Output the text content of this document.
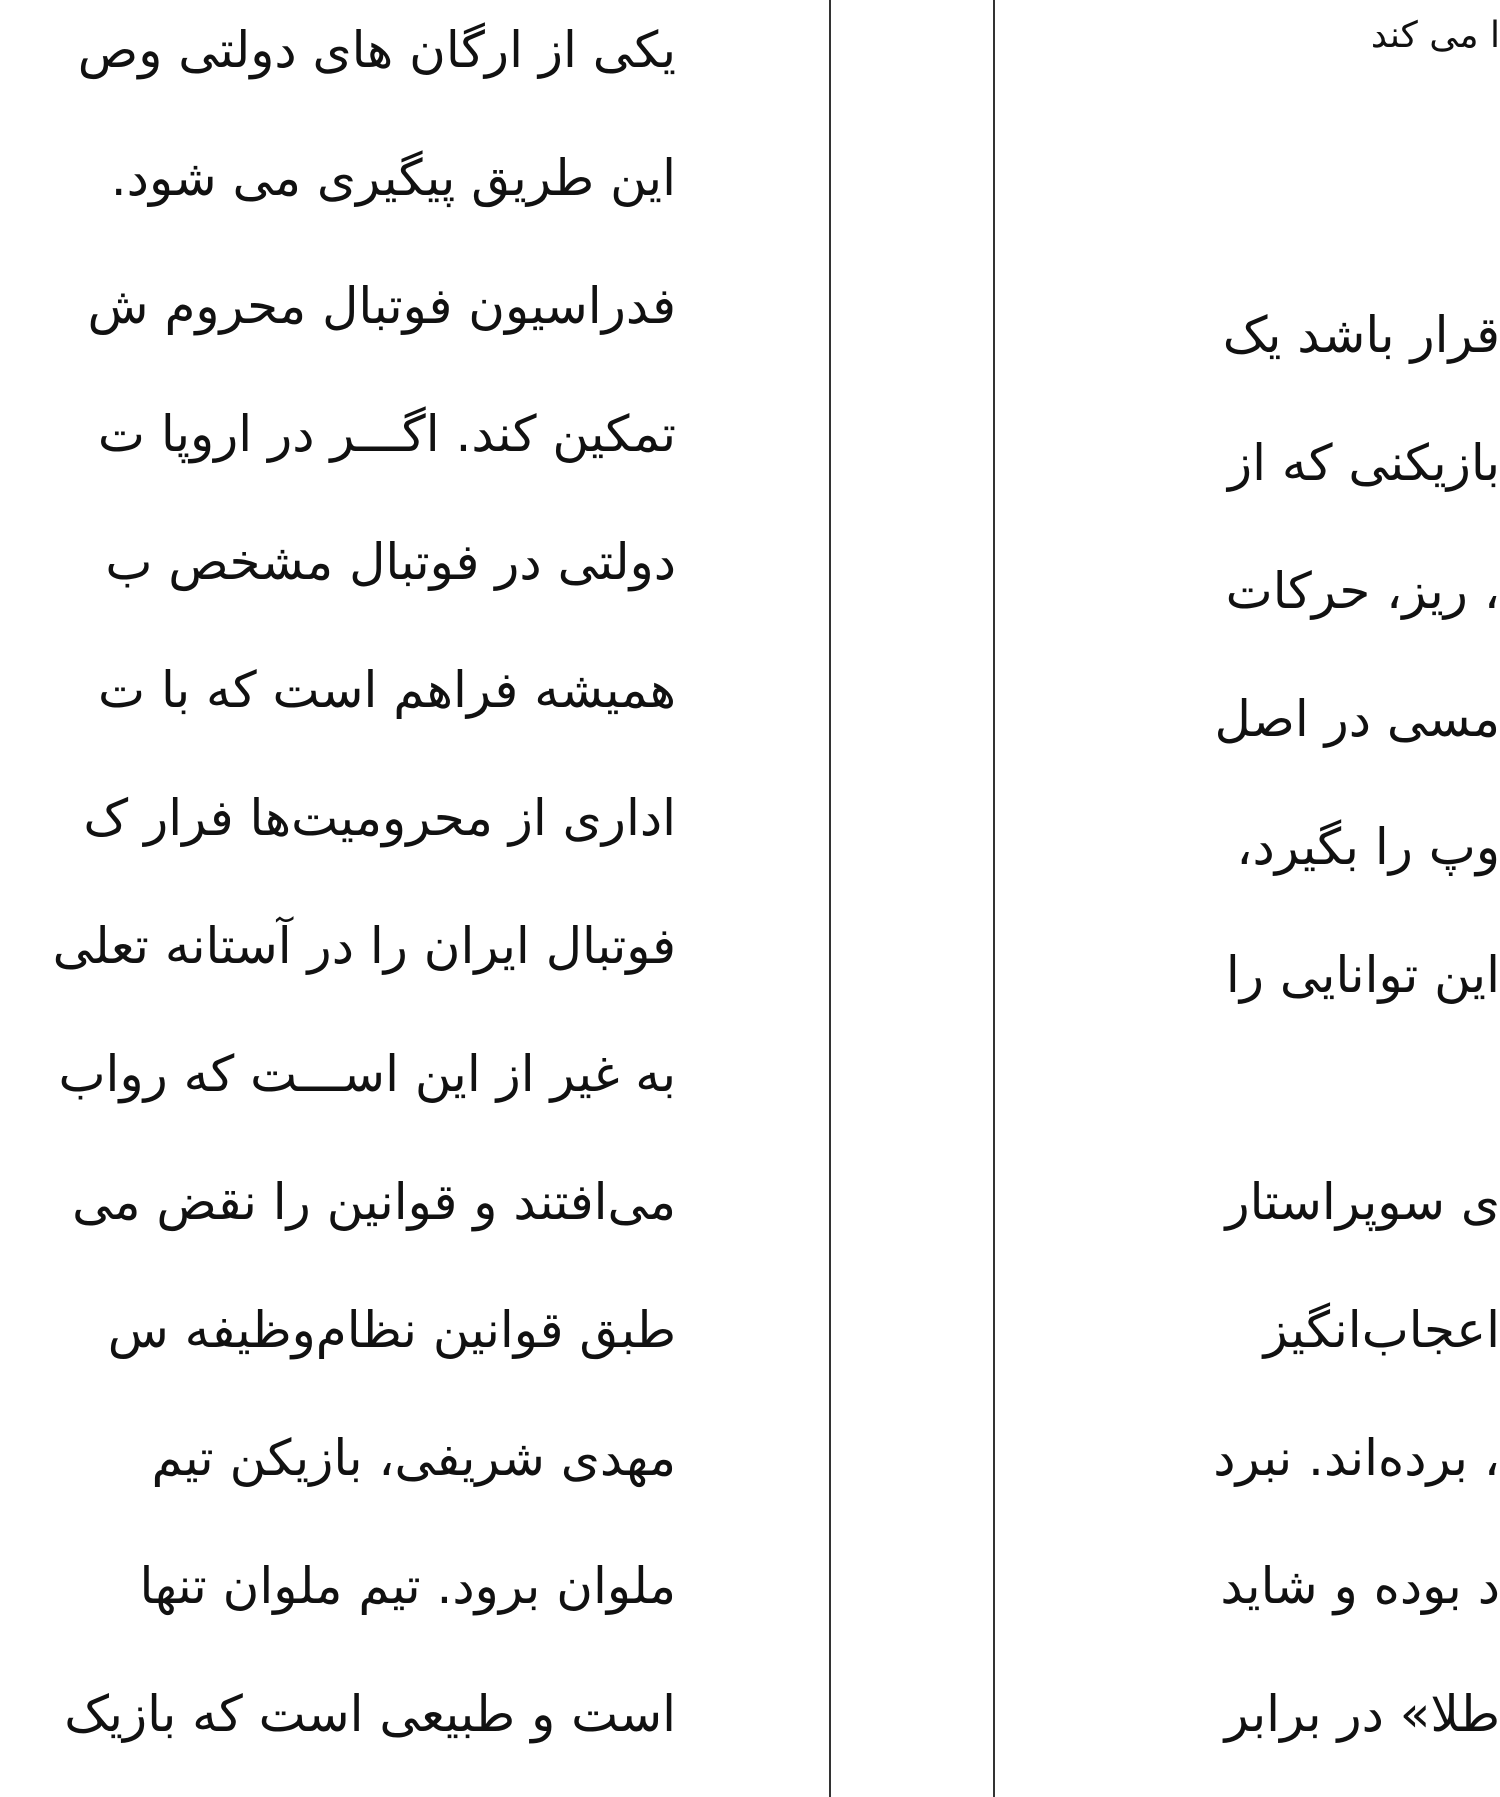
یکی از ارگان های دولتی وص
این طریق پیگیری می شود.
فدراسیون فوتبال محروم ش
تمکین کند. اگـــر در اروپا ت
دولتی در فوتبال مشخص ب
همیشه فراهم است که با ت
اداری از محرومیت‌ها فرار ک
فوتبال ایران را در آستانه تعلی
به غیر از این اســـت که رواب
می‌افتند و قوانین را نقض می
طبق قوانین نظام‌وظیفه س
مهدی شریفی، بازیکن تیم
ملوان برود. تیم ملوان تنها
است و طبیعی است که بازیک
ا می کند
قرار باشد یک
بازیکنی که از
، ریز، حرکات
مسی در اصل
وپ را بگیرد،
این توانایی را
ی سوپراستار
اعجاب‌انگیز
، برده‌اند. نبرد
د بوده و شاید
طلا» در برابر
